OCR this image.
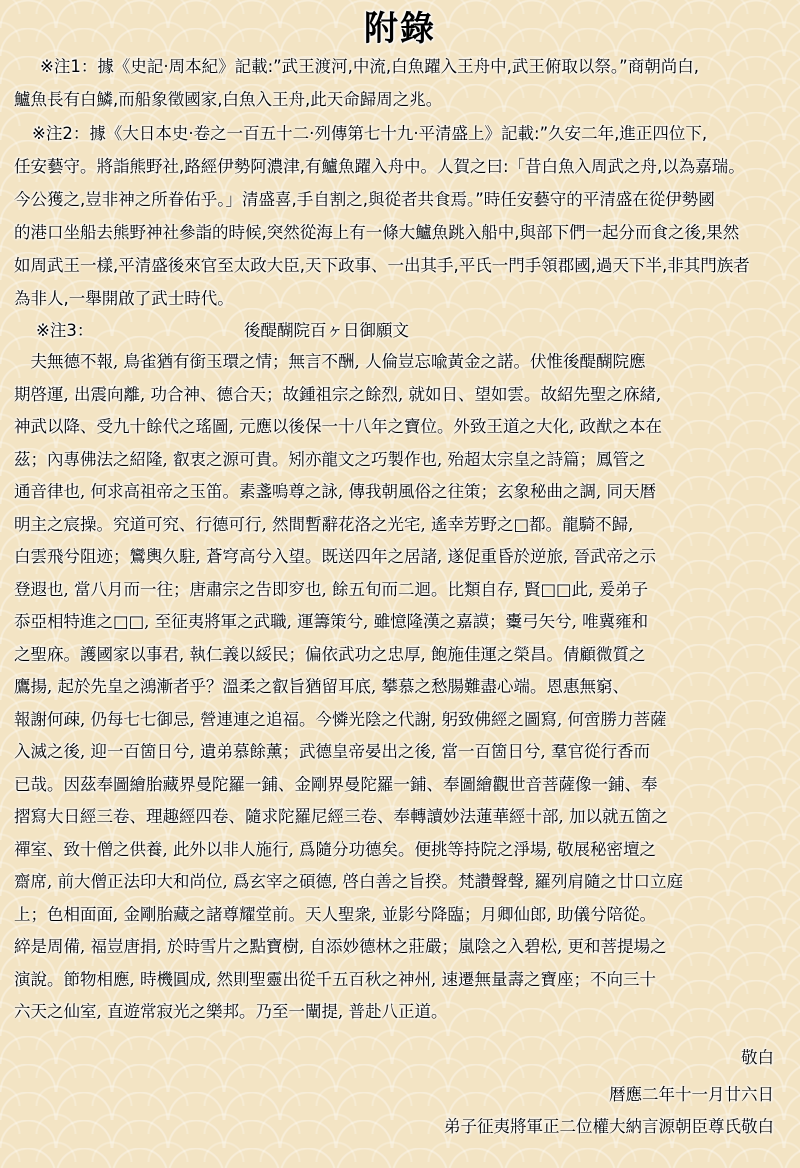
附錄

※注1：據《史記‧周本紀》記載:”武王渡河,中流,白魚躍入王舟中,武王俯取以祭。”商朝尚白,

鱸魚長有白鱗,而船象徵國家,白魚入王舟,此天命歸周之兆。

※注2：據《大日本史‧卷之一百五十二‧列傳第七十九‧平清盛上》記載:”久安二年,進正四位下,

任安藝守。將詣熊野社,路經伊勢阿濃津,有鱸魚躍入舟中。人賀之曰:「昔白魚入周武之舟,以為嘉瑞。

今公獲之,豈非神之所眷佑乎。」清盛喜,手自割之,與從者共食焉。”時任安藝守的平清盛在從伊勢國

的港口坐船去熊野神社參詣的時候,突然從海上有一條大鱸魚跳入船中,與部下們一起分而食之後,果然

如周武王一樣,平清盛後來官至太政大臣,天下政事、一出其手,平氏一門手領郡國,過天下半,非其門族者

為非人,一舉開啟了武士時代。

※注3：	後醍醐院百ヶ日御願文
　夫無德不報, 鳥雀猶有銜玉環之情；無言不酬, 人倫豈忘喩黃金之諾。伏惟後醍醐院應
期啓運, 出震向離, 功合神、德合天；故鍾祖宗之餘烈, 就如日、望如雲。故紹先聖之庥緒,
神武以降、受九十餘代之瑤圖, 元應以後保一十八年之寶位。外致王道之大化, 政猷之本在
茲；內專佛法之紹隆, 叡衷之源可貴。矧亦龍文之巧製作也, 殆超太宗皇之詩篇；鳳管之
通音律也, 何求高祖帝之玉笛。素盞嗚尊之詠, 傳我朝風俗之往策；玄象秘曲之調, 同天暦
明主之宸操。究道可究、行德可行, 然間暫辭花洛之光宅, 遙幸芳野之□都。龍騎不歸,
白雲飛兮阻迹；鸞輿久駐, 蒼穹高兮入望。既送四年之居諸, 遂促重昏於逆旅, 晉武帝之示
登遐也, 當八月而一往；唐肅宗之告即穸也, 餘五旬而二迴。比類自存, 賢□□此, 爰弟子
忝亞相特進之□□, 至征夷將軍之武職, 運籌策兮, 雖憶隆漢之嘉謨；櫜弓矢兮, 唯冀雍和
之聖庥。護國家以事君, 執仁義以綏民；偏依武功之忠厚, 飽施佳運之榮昌。倩顧微質之
鷹揚, 起於先皇之鴻漸者乎？溫柔之叡旨猶留耳底, 攀慕之愁腸難盡心端。恩惠無窮、
報謝何疎, 仍每七七御忌, 營連連之追福。今憐光陰之代謝, 躬致佛經之圖寫, 何啻勝力菩薩
入滅之後, 迎一百箇日兮, 遺弟慕餘薰；武德皇帝晏出之後, 當一百箇日兮, 羣官從行香而
已哉。因茲奉圖繪胎藏界曼陀羅一鋪、金剛界曼陀羅一鋪、奉圖繪觀世音菩薩像一鋪、奉
摺寫大日經三卷、理趣經四卷、隨求陀羅尼經三卷、奉轉讀妙法蓮華經十部, 加以就五箇之
禪室、致十僧之供養, 此外以非人施行, 爲隨分功德矣。便挑等持院之淨場, 敬展秘密壇之
齋席, 前大僧正法印大和尚位, 爲玄宰之碩德, 啓白善之旨揆。梵讚聲聲, 羅列肩隨之廿口立庭
上；色相面面, 金剛胎藏之諸尊耀堂前。天人聖衆, 並影兮降臨；月卿仙郎, 助儀兮陪從。
綷是周備, 福豈唐捐, 於時雪片之點寶樹, 自添妙德林之莊嚴；嵐陰之入碧松, 更和菩提場之
演說。節物相應, 時機圓成, 然則聖靈出從千五百秋之神州, 速遷無量壽之寶座；不向三十
六天之仙室, 直遊常寂光之樂邦。乃至一闡提, 普赴八正道。
敬白
暦應二年十一月廿六日
弟子征夷將軍正二位權大納言源朝臣尊氏敬白
